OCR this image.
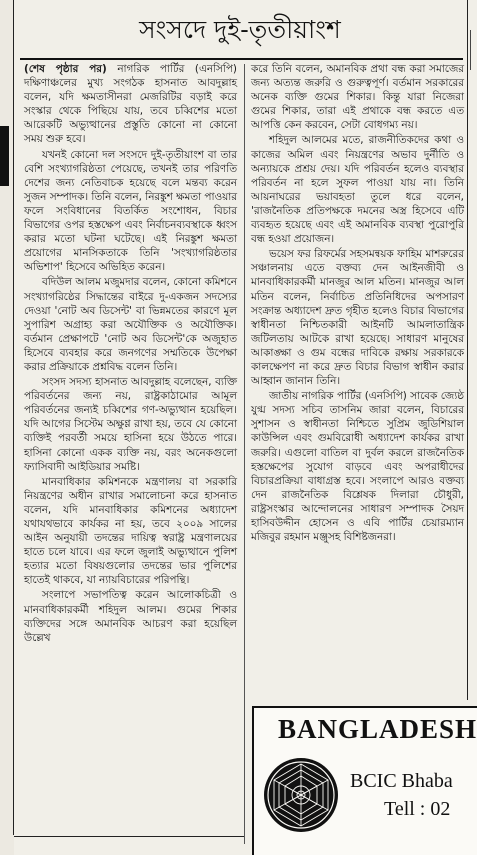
সংসদে দুই-তৃতীয়াংশ

(শেষ পৃষ্ঠার পর) নাগরিক পার্টির (এনসিপি) দক্ষিণাঞ্চলের মুখ্য সংগঠক হাসনাত আবদুল্লাহ বলেন, যদি ক্ষমতাসীনরা মেজরিটির বড়াই করে সংস্কার থেকে পিছিয়ে যায়, তবে চব্বিশের মতো আরেকটি অভ্যুত্থানের প্রস্তুতি কোনো না কোনো সময় শুরু হবে।

যখনই কোনো দল সংসদে দুই-তৃতীয়াংশ বা তার বেশি সংখ্যাগরিষ্ঠতা পেয়েছে, তখনই তার পরিণতি দেশের জন্য নেতিবাচক হয়েছে বলে মন্তব্য করেন সুজন সম্পাদক। তিনি বলেন, নিরঙ্কুশ ক্ষমতা পাওয়ার ফলে সংবিধানের বিতর্কিত সংশোধন, বিচার বিভাগের ওপর হস্তক্ষেপ এবং নির্বাচনব্যবস্থাকে ধ্বংস করার মতো ঘটনা ঘটেছে। এই নিরঙ্কুশ ক্ষমতা প্রয়োগের মানসিকতাকে তিনি 'সংখ্যাগরিষ্ঠতার অভিশাপ' হিসেবে অভিহিত করেন।

বদিউল আলম মজুমদার বলেন, কোনো কমিশনে সংখ্যাগরিষ্ঠের সিদ্ধান্তের বাইরে দু-একজন সদস্যের দেওয়া 'নোট অব ডিসেন্ট' বা ভিন্নমতের কারণে মূল সুপারিশ অগ্রাহ্য করা অযৌক্তিক ও অযৌক্তিক। বর্তমান প্রেক্ষাপটে 'নোট অব ডিসেন্ট'কে অজুহাত হিসেবে ব্যবহার করে জনগণের সম্মতিকে উপেক্ষা করার প্রক্রিয়াকে প্রশ্নবিদ্ধ বলেন তিনি।

সংসদ সদস্য হাসনাত আবদুল্লাহ বলেছেন, ব্যক্তি পরিবর্তনের জন্য নয়, রাষ্ট্রকাঠামোর আমূল পরিবর্তনের জন্যই চব্বিশের গণ-অভ্যুত্থান হয়েছিল। যদি আগের সিস্টেম অক্ষুণ্ণ রাখা হয়, তবে যে কোনো ব্যক্তিই পরবর্তী সময়ে হাসিনা হয়ে উঠতে পারে। হাসিনা কোনো একক ব্যক্তি নয়, বরং অনেকগুলো ফ্যাসিবাদী আইডিয়ার সমষ্টি।

মানবাধিকার কমিশনকে মন্ত্রণালয় বা সরকারি নিয়ন্ত্রণের অধীন রাখার সমালোচনা করে হাসনাত বলেন, যদি মানবাধিকার কমিশনের অধ্যাদেশ যথাযথভাবে কার্যকর না হয়, তবে ২০০৯ সালের আইন অনুযায়ী তদন্তের দায়িত্ব স্বরাষ্ট্র মন্ত্রণালয়ের হাতে চলে যাবে। এর ফলে জুলাই অভ্যুত্থানে পুলিশ হত্যার মতো বিষয়গুলোর তদন্তের ভার পুলিশের হাতেই থাকবে, যা ন্যায়বিচারের পরিপন্থি।

সংলাপে সভাপতিত্ব করেন আলোকচিত্রী ও মানবাধিকারকর্মী শহিদুল আলম। গুমের শিকার ব্যক্তিদের সঙ্গে অমানবিক আচরণ করা হয়েছিল উল্লেখ

করে তিনি বলেন, অমানবিক প্রথা বন্ধ করা সমাজের জন্য অত্যন্ত জরুরি ও গুরুত্বপূর্ণ। বর্তমান সরকারের অনেক ব্যক্তি গুমের শিকার। কিন্তু যারা নিজেরা গুমের শিকার, তারা এই প্রথাকে বন্ধ করতে এত আপত্তি কেন করবেন, সেটা বোধগম্য নয়।

শহিদুল আলমের মতে, রাজনীতিকদের কথা ও কাজের অমিল এবং নিয়ন্ত্রণের অভাব দুর্নীতি ও অন্যায়কে প্রশ্রয় দেয়। যদি পরিবর্তন হলেও ব্যবস্থার পরিবর্তন না হলে সুফল পাওয়া যায় না। তিনি আয়নাঘরের ভয়াবহতা তুলে ধরে বলেন, 'রাজনৈতিক প্রতিপক্ষকে দমনের অস্ত্র হিসেবে এটি ব্যবহৃত হয়েছে এবং এই অমানবিক ব্যবস্থা পুরোপুরি বন্ধ হওয়া প্রয়োজন।

ভয়েস ফর রিফর্মের সহসমন্বয়ক ফাহিম মাশরুরের সঞ্চালনায় এতে বক্তব্য দেন আইনজীবী ও মানবাধিকারকর্মী মানজুর আল মতিন। মানজুর আল মতিন বলেন, নির্বাচিত প্রতিনিধিদের অপসারণ সংক্রান্ত অধ্যাদেশ দ্রুত গৃহীত হলেও বিচার বিভাগের স্বাধীনতা নিশ্চিতকারী আইনটি আমলাতান্ত্রিক জটিলতায় আটকে রাখা হয়েছে। সাধারণ মানুষের আকাঙ্ক্ষা ও গুম বন্ধের দাবিকে রক্ষায় সরকারকে কালক্ষেপণ না করে দ্রুত বিচার বিভাগ স্বাধীন করার আহ্বান জানান তিনি।

জাতীয় নাগরিক পার্টির (এনসিপি) সাবেক জ্যেষ্ঠ যুগ্ম সদস্য সচিব তাসনিম জারা বলেন, বিচারের সুশাসন ও স্বাধীনতা নিশ্চিতে সুপ্রিম জুডিশিয়াল কাউন্সিল এবং গুমবিরোধী অধ্যাদেশ কার্যকর রাখা জরুরি। এগুলো বাতিল বা দুর্বল করলে রাজনৈতিক হস্তক্ষেপের সুযোগ বাড়বে এবং অপরাধীদের বিচারপ্রক্রিয়া বাধাগ্রস্ত হবে। সংলাপে আরও বক্তব্য দেন রাজনৈতিক বিশ্লেষক দিলারা চৌধুরী, রাষ্ট্রসংস্কার আন্দোলনের সাধারণ সম্পাদক সৈয়দ হাসিবউদ্দীন হোসেন ও এবি পার্টির চেয়ারম্যান মজিবুর রহমান মঞ্জুসহ বিশিষ্টজনরা।

BANGLADESH
BCIC Bhaba
Tell : 02
